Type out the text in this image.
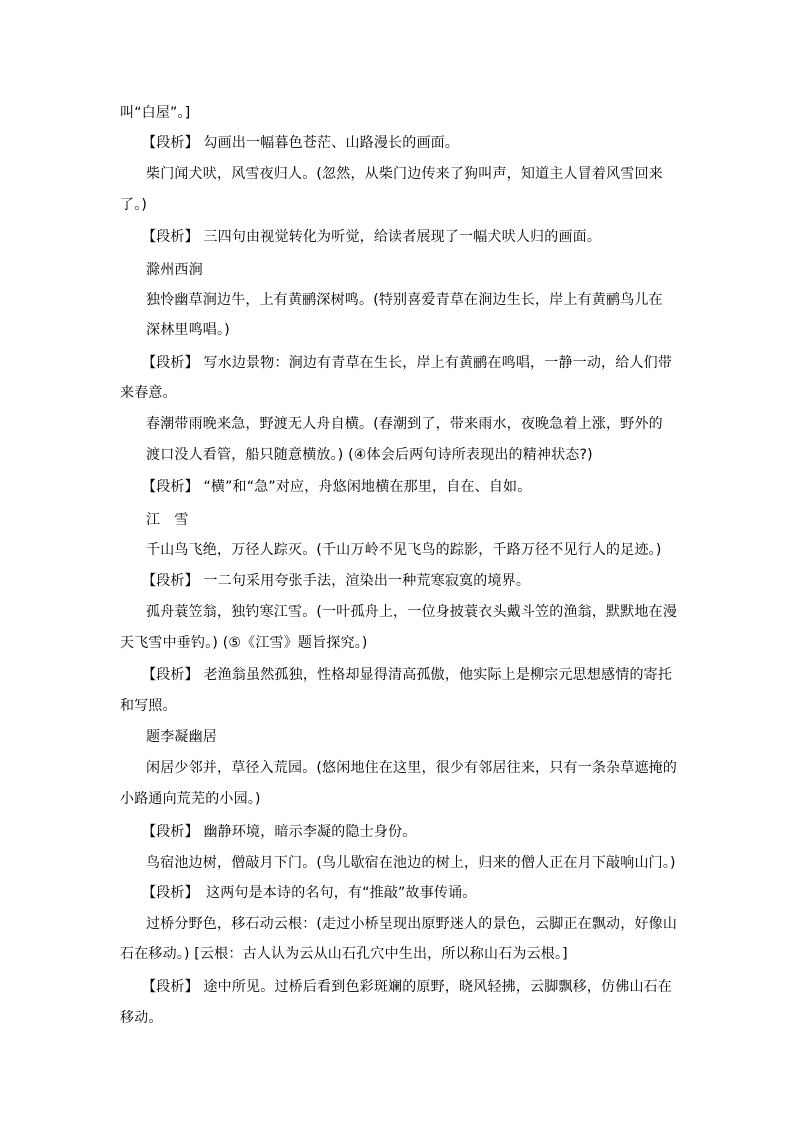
叫“白屋”。]
【段析】 勾画出一幅暮色苍茫、山路漫长的画面。
柴门闻犬吠，风雪夜归人。(忽然，从柴门边传来了狗叫声，知道主人冒着风雪回来
了。)
【段析】 三四句由视觉转化为听觉，给读者展现了一幅犬吠人归的画面。
滁州西涧
独怜幽草涧边牛，上有黄鹂深树鸣。(特别喜爱青草在涧边生长，岸上有黄鹂鸟儿在
深林里鸣唱。)
【段析】 写水边景物：涧边有青草在生长，岸上有黄鹂在鸣唱，一静一动，给人们带
来春意。
春潮带雨晚来急，野渡无人舟自横。(春潮到了，带来雨水，夜晚急着上涨，野外的
渡口没人看管，船只随意横放。) (④体会后两句诗所表现出的精神状态?)
【段析】 “横”和“急”对应，舟悠闲地横在那里，自在、自如。
江　雪
千山鸟飞绝，万径人踪灭。(千山万岭不见飞鸟的踪影，千路万径不见行人的足迹。)
【段析】 一二句采用夸张手法，渲染出一种荒寒寂寞的境界。
孤舟蓑笠翁，独钓寒江雪。(一叶孤舟上，一位身披蓑衣头戴斗笠的渔翁，默默地在漫
天飞雪中垂钓。) (⑤《江雪》题旨探究。)
【段析】 老渔翁虽然孤独，性格却显得清高孤傲，他实际上是柳宗元思想感情的寄托
和写照。
题李凝幽居
闲居少邻并，草径入荒园。(悠闲地住在这里，很少有邻居往来，只有一条杂草遮掩的
小路通向荒芜的小园。)
【段析】 幽静环境，暗示李凝的隐士身份。
鸟宿池边树，僧敲月下门。(鸟儿歇宿在池边的树上，归来的僧人正在月下敲响山门。)
【段析】　这两句是本诗的名句，有“推敲”故事传诵。
过桥分野色，移石动云根：(走过小桥呈现出原野迷人的景色，云脚正在飘动，好像山
石在移动。) [云根：古人认为云从山石孔穴中生出，所以称山石为云根。]
【段析】 途中所见。过桥后看到色彩斑斓的原野，晓风轻拂，云脚飘移，仿佛山石在
移动。
